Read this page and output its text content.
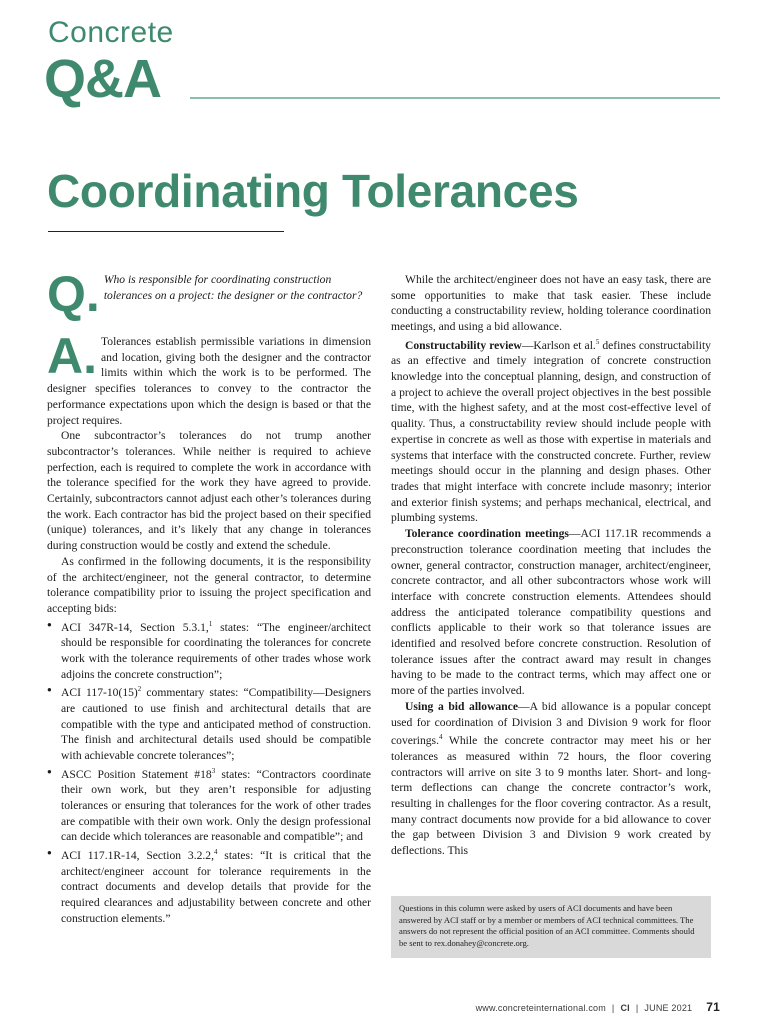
Concrete
Q&A
Coordinating Tolerances
Q. Who is responsible for coordinating construction tolerances on a project: the designer or the contractor?

A. Tolerances establish permissible variations in dimension and location, giving both the designer and the contractor limits within which the work is to be performed. The designer specifies tolerances to convey to the contractor the performance expectations upon which the design is based or that the project requires.

One subcontractor’s tolerances do not trump another subcontractor’s tolerances. While neither is required to achieve perfection, each is required to complete the work in accordance with the tolerance specified for the work they have agreed to provide. Certainly, subcontractors cannot adjust each other’s tolerances during the work. Each contractor has bid the project based on their specified (unique) tolerances, and it’s likely that any change in tolerances during construction would be costly and extend the schedule.

As confirmed in the following documents, it is the responsibility of the architect/engineer, not the general contractor, to determine tolerance compatibility prior to issuing the project specification and accepting bids:

● ACI 347R-14, Section 5.3.1,$^1$ states: “The engineer/architect should be responsible for coordinating the tolerances for concrete work with the tolerance requirements of other trades whose work adjoins the concrete construction”;
● ACI $117-10(15)^2$ commentary states: “Compatibility—Designers are cautioned to use finish and architectural details that are compatible with the type and anticipated method of construction. The finish and architectural details used should be compatible with achievable concrete tolerances”;
● ASCC Position Statement $\#18^3$ states: “Contractors coordinate their own work, but they aren’t responsible for adjusting tolerances or ensuring that tolerances for the work of other trades are compatible with their own work. Only the design professional can decide which tolerances are reasonable and compatible”; and
● ACI 117.1R-14, Section 3.2.2,$^4$ states: “It is critical that the architect/engineer account for tolerance requirements in the contract documents and develop details that provide for the required clearances and adjustability between concrete and other construction elements.”

While the architect/engineer does not have an easy task, there are some opportunities to make that task easier. These include conducting a constructability review, holding tolerance coordination meetings, and using a bid allowance.

Constructability review—Karlson et al.$^5$ defines constructability as an effective and timely integration of concrete construction knowledge into the conceptual planning, design, and construction of a project to achieve the overall project objectives in the best possible time, with the highest safety, and at the most cost-effective level of quality. Thus, a constructability review should include people with expertise in concrete as well as those with expertise in materials and systems that interface with the constructed concrete. Further, review meetings should occur in the planning and design phases. Other trades that might interface with concrete include masonry; interior and exterior finish systems; and perhaps mechanical, electrical, and plumbing systems.

Tolerance coordination meetings—ACI 117.1R recommends a preconstruction tolerance coordination meeting that includes the owner, general contractor, construction manager, architect/engineer, concrete contractor, and all other subcontractors whose work will interface with concrete construction elements. Attendees should address the anticipated tolerance compatibility questions and conflicts applicable to their work so that tolerance issues are identified and resolved before concrete construction. Resolution of tolerance issues after the contract award may result in changes having to be made to the contract terms, which may affect one or more of the parties involved.

Using a bid allowance—A bid allowance is a popular concept used for coordination of Division 3 and Division 9 work for floor coverings.$^4$ While the concrete contractor may meet his or her tolerances as measured within 72 hours, the floor covering contractors will arrive on site 3 to 9 months later. Short- and long-term deflections can change the concrete contractor’s work, resulting in challenges for the floor covering contractor. As a result, many contract documents now provide for a bid allowance to cover the gap between Division 3 and Division 9 work created by deflections. This

Questions in this column were asked by users of ACI documents and have been answered by ACI staff or by a member or members of ACI technical committees. The answers do not represent the official position of an ACI committee. Comments should be sent to rex.donahey@concrete.org.
www.concreteinternational.com | CI | JUNE 2021 71
